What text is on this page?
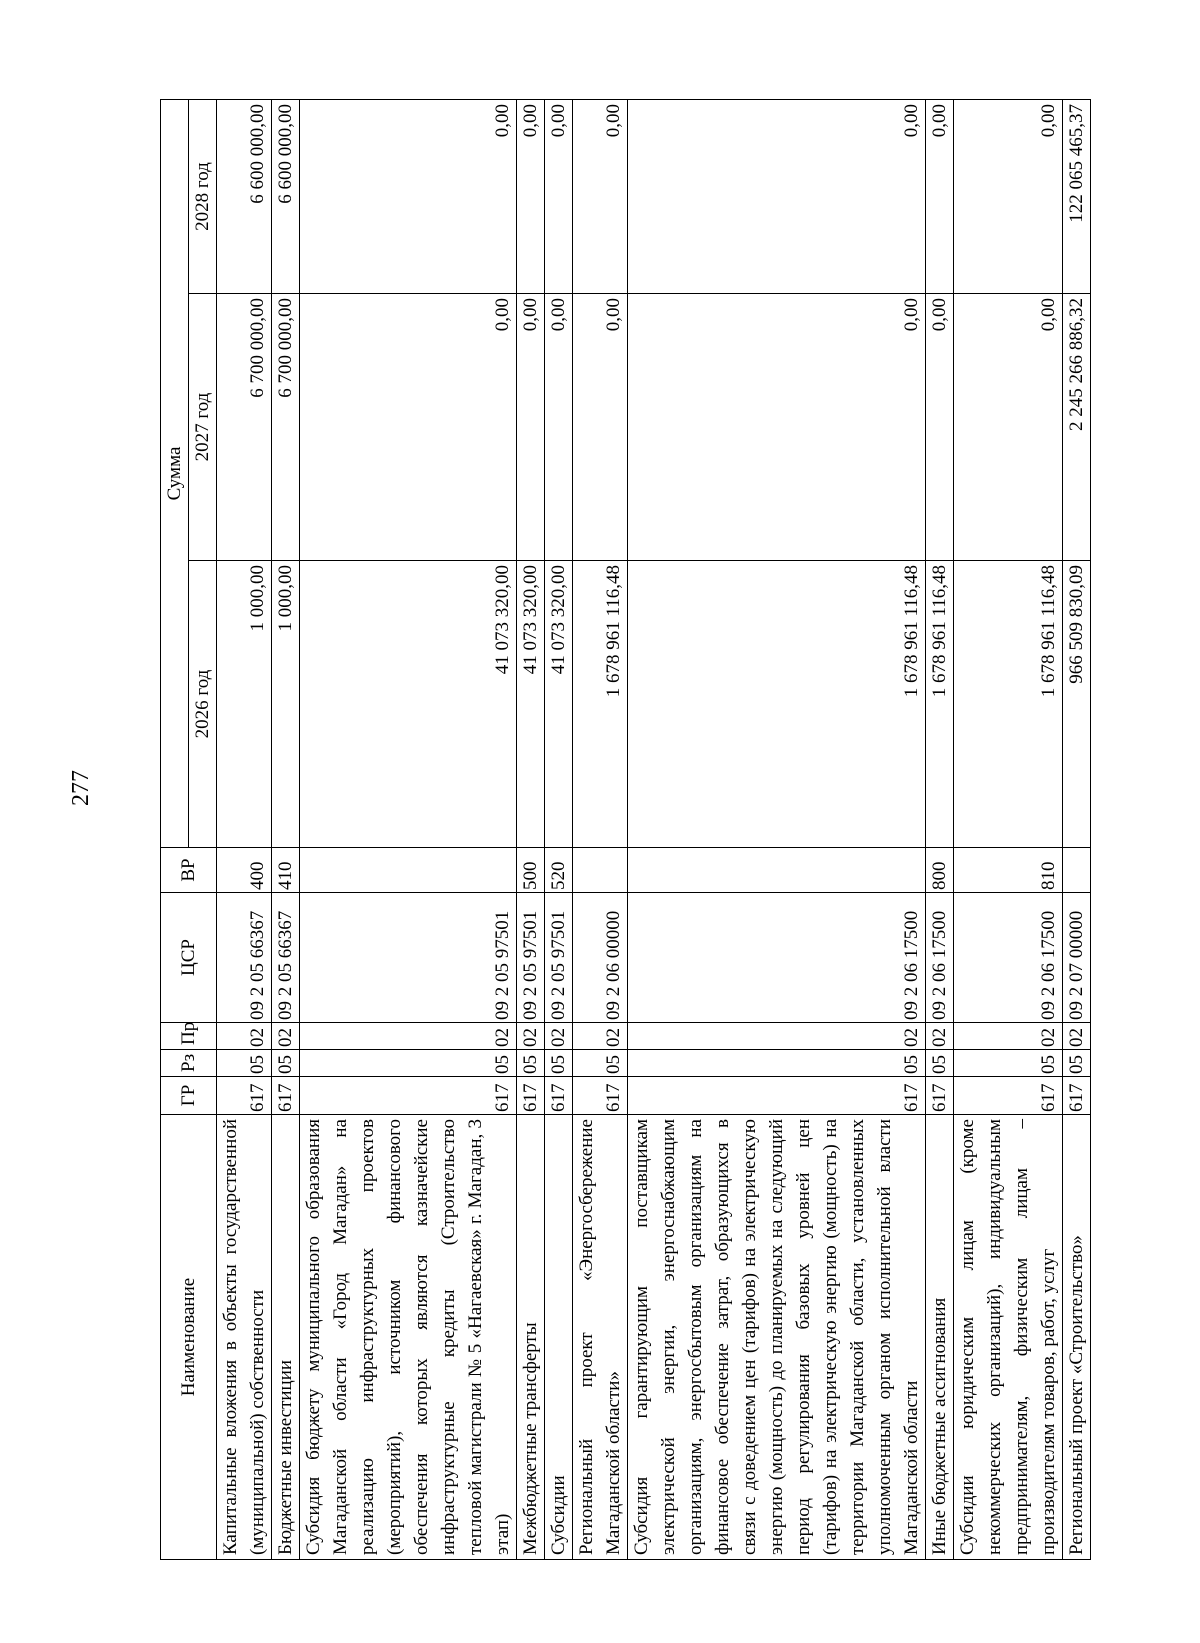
277
Наименование	ГР	Рз	Пр	ЦСР	ВР	Сумма		
						2026 год	2027 год	2028 год
Капитальные вложения в объекты государственной (муниципальной) собственности	617	05	02	09 2 05 66367	400	1 000,00	6 700 000,00	6 600 000,00
Бюджетные инвестиции	617	05	02	09 2 05 66367	410	1 000,00	6 700 000,00	6 600 000,00
Субсидия бюджету муниципального образования Магаданской области «Город Магадан» на реализацию инфраструктурных проектов (мероприятий), источником финансового обеспечения которых являются казначейские инфраструктурные кредиты (Строительство тепловой магистрали № 5 «Нагаевская» г. Магадан, 3 этап)	617	05	02	09 2 05 97501		41 073 320,00	0,00	0,00
Межбюджетные трансферты	617	05	02	09 2 05 97501	500	41 073 320,00	0,00	0,00
Субсидии	617	05	02	09 2 05 97501	520	41 073 320,00	0,00	0,00
Региональный проект «Энергосбережение Магаданской области»	617	05	02	09 2 06 00000		1 678 961 116,48	0,00	0,00
Субсидия гарантирующим поставщикам электрической энергии, энергоснабжающим организациям, энергосбытовым организациям на финансовое обеспечение затрат, образующихся в связи с доведением цен (тарифов) на электрическую энергию (мощность) до планируемых на следующий период регулирования базовых уровней цен (тарифов) на электрическую энергию (мощность) на территории Магаданской области, установленных уполномоченным органом исполнительной власти Магаданской области	617	05	02	09 2 06 17500		1 678 961 116,48	0,00	0,00
Иные бюджетные ассигнования	617	05	02	09 2 06 17500	800	1 678 961 116,48	0,00	0,00
Субсидии юридическим лицам (кроме некоммерческих организаций), индивидуальным предпринимателям, физическим лицам – производителям товаров, работ, услуг	617	05	02	09 2 06 17500	810	1 678 961 116,48	0,00	0,00
Региональный проект «Строительство»	617	05	02	09 2 07 00000		966 509 830,09	2 245 266 886,32	122 065 465,37
